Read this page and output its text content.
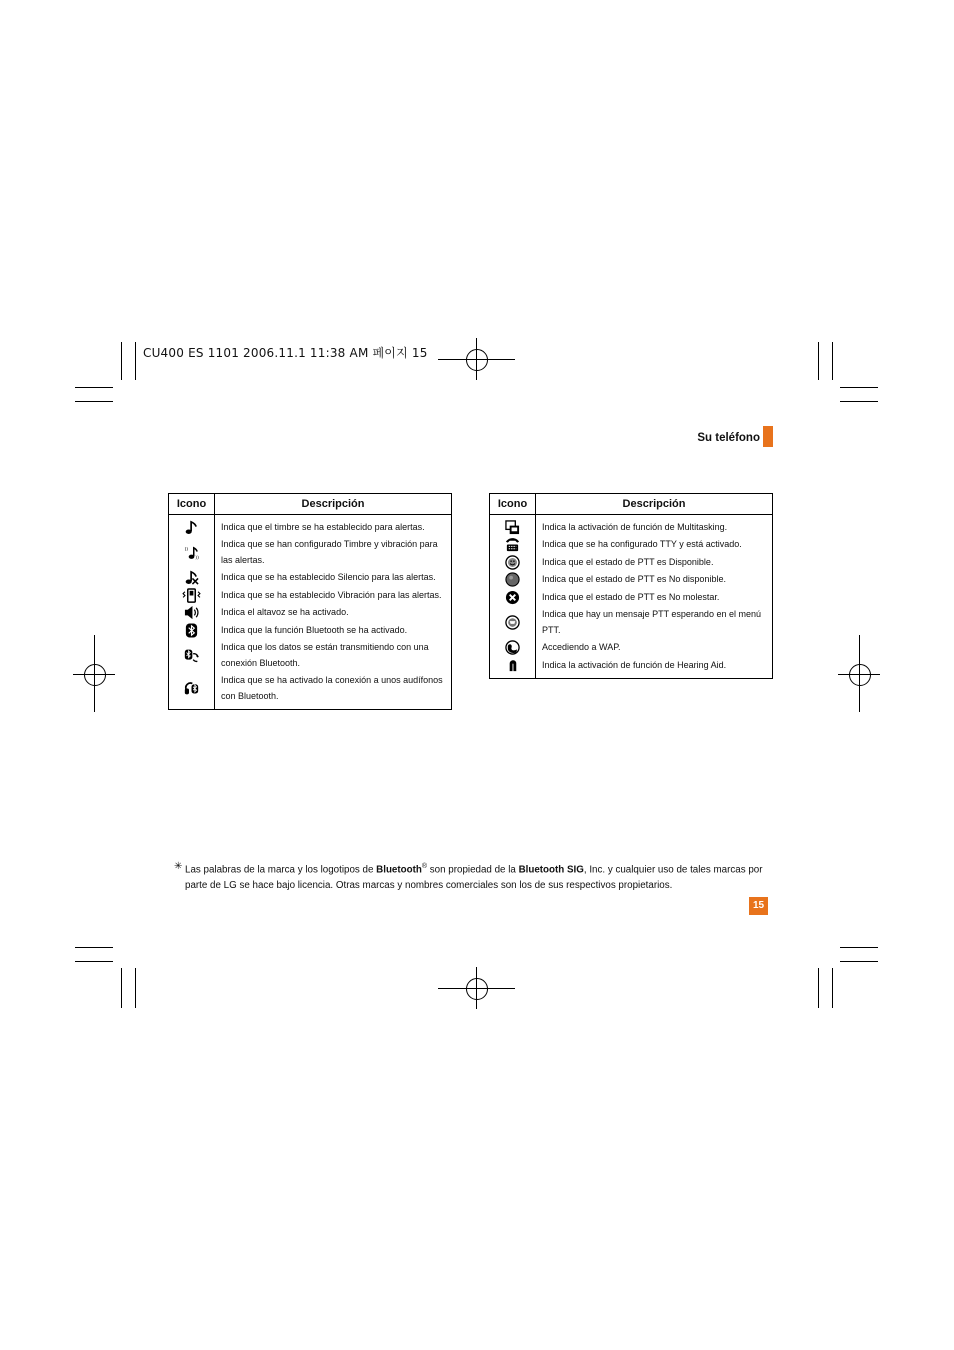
CU400 ES 1101 2006.11.1 11:38 AM 페이지 15
Su teléfono
Icono	Descripción

	Indica que el timbre se ha establecido para alertas.
	Indica que se han configurado Timbre y vibración para las alertas.
	Indica que se ha establecido Silencio para las alertas.
	Indica que se ha establecido Vibración para las alertas.
	Indica el altavoz se ha activado.
	Indica que la función Bluetooth se ha activado.
	Indica que los datos se están transmitiendo con una conexión Bluetooth.
	Indica que se ha activado la conexión a unos audífonos con Bluetooth.

Icono	Descripción

	Indica la activación de función de Multitasking.
	Indica que se ha configurado TTY y está activado.
	Indica que el estado de PTT es Disponible.
	Indica que el estado de PTT es No disponible.
	Indica que el estado de PTT es No molestar.
	Indica que hay un mensaje PTT esperando en el menú PTT.
	Accediendo a WAP.
	Indica la activación de función de Hearing Aid.

✳ Las palabras de la marca y los logotipos de Bluetooth® son propiedad de la Bluetooth SIG, Inc. y cualquier uso de tales marcas por parte de LG se hace bajo licencia. Otras marcas y nombres comerciales son los de sus respectivos propietarios.
15
